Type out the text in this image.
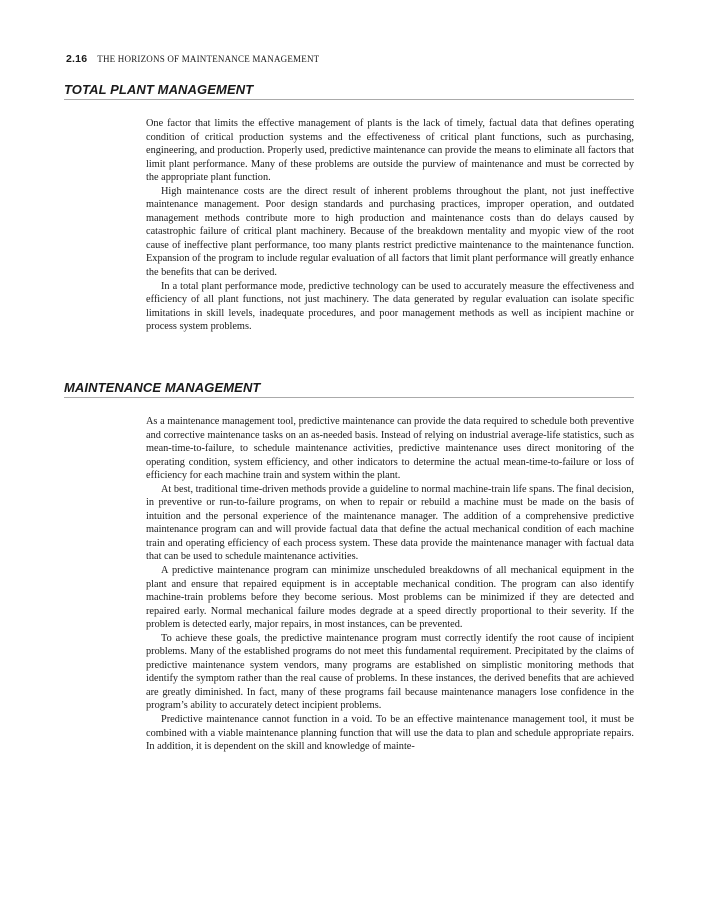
2.16 THE HORIZONS OF MAINTENANCE MANAGEMENT
TOTAL PLANT MANAGEMENT

One factor that limits the effective management of plants is the lack of timely, factual data that defines operating condition of critical production systems and the effectiveness of critical plant functions, such as purchasing, engineering, and production. Properly used, predictive maintenance can provide the means to eliminate all factors that limit plant performance. Many of these problems are outside the purview of maintenance and must be corrected by the appropriate plant function.

High maintenance costs are the direct result of inherent problems throughout the plant, not just ineffective maintenance management. Poor design standards and purchasing practices, improper operation, and outdated management methods contribute more to high production and maintenance costs than do delays caused by catastrophic failure of critical plant machinery. Because of the breakdown mentality and myopic view of the root cause of ineffective plant performance, too many plants restrict predictive maintenance to the maintenance function. Expansion of the program to include regular evaluation of all factors that limit plant performance will greatly enhance the benefits that can be derived.

In a total plant performance mode, predictive technology can be used to accurately measure the effectiveness and efficiency of all plant functions, not just machinery. The data generated by regular evaluation can isolate specific limitations in skill levels, inadequate procedures, and poor management methods as well as incipient machine or process system problems.

MAINTENANCE MANAGEMENT

As a maintenance management tool, predictive maintenance can provide the data required to schedule both preventive and corrective maintenance tasks on an as-needed basis. Instead of relying on industrial average-life statistics, such as mean-time-to-failure, to schedule maintenance activities, predictive maintenance uses direct monitoring of the operating condition, system efficiency, and other indicators to determine the actual mean-time-to-failure or loss of efficiency for each machine train and system within the plant.

At best, traditional time-driven methods provide a guideline to normal machine-train life spans. The final decision, in preventive or run-to-failure programs, on when to repair or rebuild a machine must be made on the basis of intuition and the personal experience of the maintenance manager. The addition of a comprehensive predictive maintenance program can and will provide factual data that define the actual mechanical condition of each machine train and operating efficiency of each process system. These data provide the maintenance manager with factual data that can be used to schedule maintenance activities.

A predictive maintenance program can minimize unscheduled breakdowns of all mechanical equipment in the plant and ensure that repaired equipment is in acceptable mechanical condition. The program can also identify machine-train problems before they become serious. Most problems can be minimized if they are detected and repaired early. Normal mechanical failure modes degrade at a speed directly proportional to their severity. If the problem is detected early, major repairs, in most instances, can be prevented.

To achieve these goals, the predictive maintenance program must correctly identify the root cause of incipient problems. Many of the established programs do not meet this fundamental requirement. Precipitated by the claims of predictive maintenance system vendors, many programs are established on simplistic monitoring methods that identify the symptom rather than the real cause of problems. In these instances, the derived benefits that are achieved are greatly diminished. In fact, many of these programs fail because maintenance managers lose confidence in the program’s ability to accurately detect incipient problems.

Predictive maintenance cannot function in a void. To be an effective maintenance management tool, it must be combined with a viable maintenance planning function that will use the data to plan and schedule appropriate repairs. In addition, it is dependent on the skill and knowledge of mainte-
